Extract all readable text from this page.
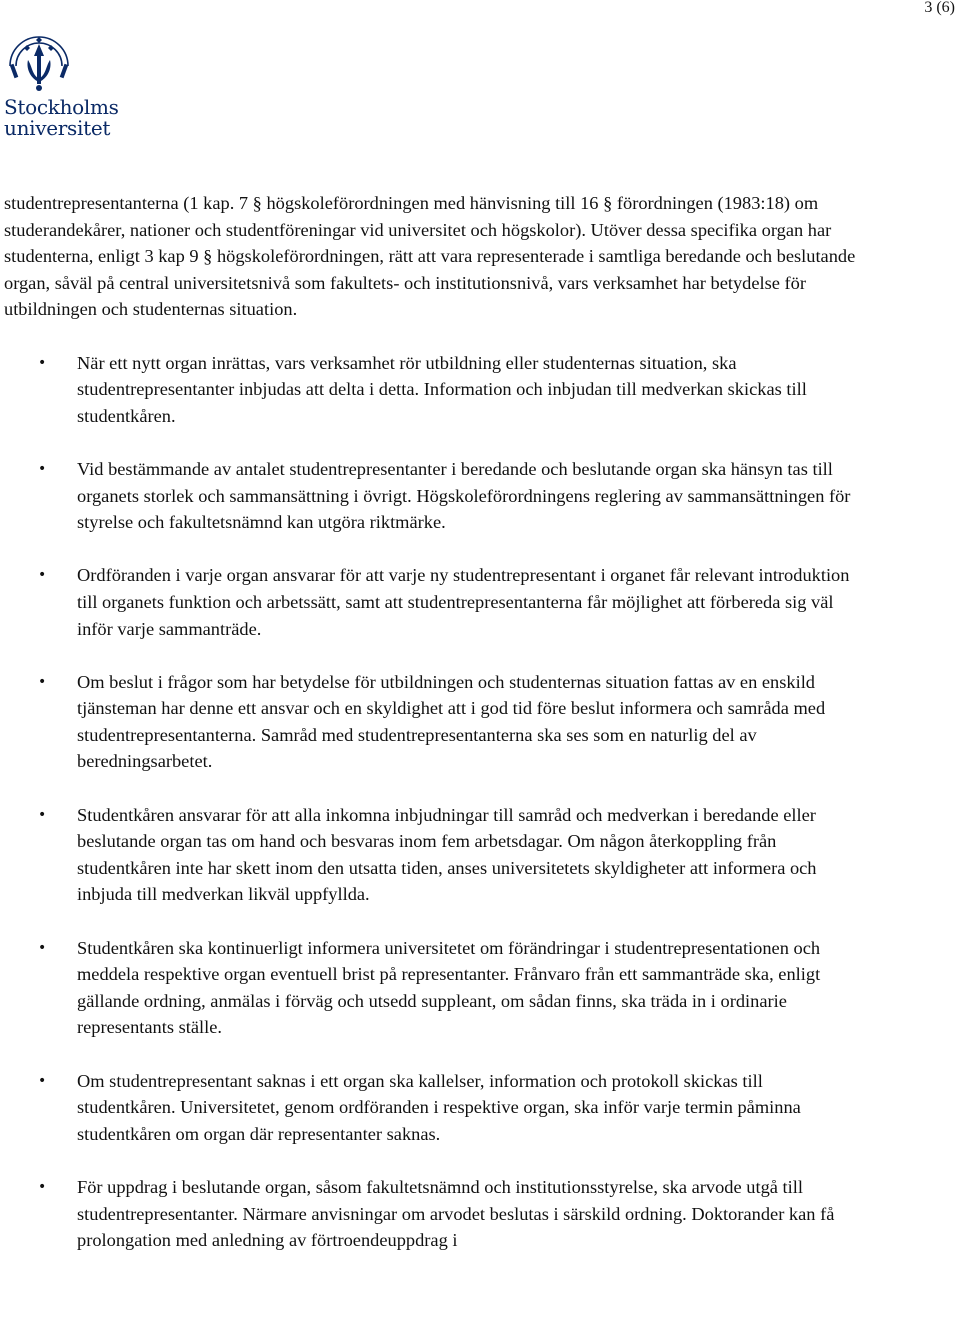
3 (6)
Stockholms
universitet

studentrepresentanterna (1 kap. 7 § högskoleförordningen med hänvisning till 16 § förordningen (1983:18) om studerandekårer, nationer och studentföreningar vid universitet och högskolor). Utöver dessa specifika organ har studenterna, enligt 3 kap 9 § högskoleförordningen, rätt att vara representerade i samtliga beredande och beslutande organ, såväl på central universitetsnivå som fakultets- och institutionsnivå, vars verksamhet har betydelse för utbildningen och studenternas situation.

• När ett nytt organ inrättas, vars verksamhet rör utbildning eller studenternas situation, ska studentrepresentanter inbjudas att delta i detta. Information och inbjudan till medverkan skickas till studentkåren.
• Vid bestämmande av antalet studentrepresentanter i beredande och beslutande organ ska hänsyn tas till organets storlek och sammansättning i övrigt. Högskoleförordningens reglering av sammansättningen för styrelse och fakultetsnämnd kan utgöra riktmärke.
• Ordföranden i varje organ ansvarar för att varje ny studentrepresentant i organet får relevant introduktion till organets funktion och arbetssätt, samt att studentrepresentanterna får möjlighet att förbereda sig väl inför varje sammanträde.
• Om beslut i frågor som har betydelse för utbildningen och studenternas situation fattas av en enskild tjänsteman har denne ett ansvar och en skyldighet att i god tid före beslut informera och samråda med studentrepresentanterna. Samråd med studentrepresentanterna ska ses som en naturlig del av beredningsarbetet.
• Studentkåren ansvarar för att alla inkomna inbjudningar till samråd och medverkan i beredande eller beslutande organ tas om hand och besvaras inom fem arbetsdagar. Om någon återkoppling från studentkåren inte har skett inom den utsatta tiden, anses universitetets skyldigheter att informera och inbjuda till medverkan likväl uppfyllda.
• Studentkåren ska kontinuerligt informera universitetet om förändringar i studentrepresentationen och meddela respektive organ eventuell brist på representanter. Frånvaro från ett sammanträde ska, enligt gällande ordning, anmälas i förväg och utsedd suppleant, om sådan finns, ska träda in i ordinarie representants ställe.
• Om studentrepresentant saknas i ett organ ska kallelser, information och protokoll skickas till studentkåren. Universitetet, genom ordföranden i respektive organ, ska inför varje termin påminna studentkåren om organ där representanter saknas.
• För uppdrag i beslutande organ, såsom fakultetsnämnd och institutionsstyrelse, ska arvode utgå till studentrepresentanter. Närmare anvisningar om arvodet beslutas i särskild ordning. Doktorander kan få prolongation med anledning av förtroendeuppdrag i
